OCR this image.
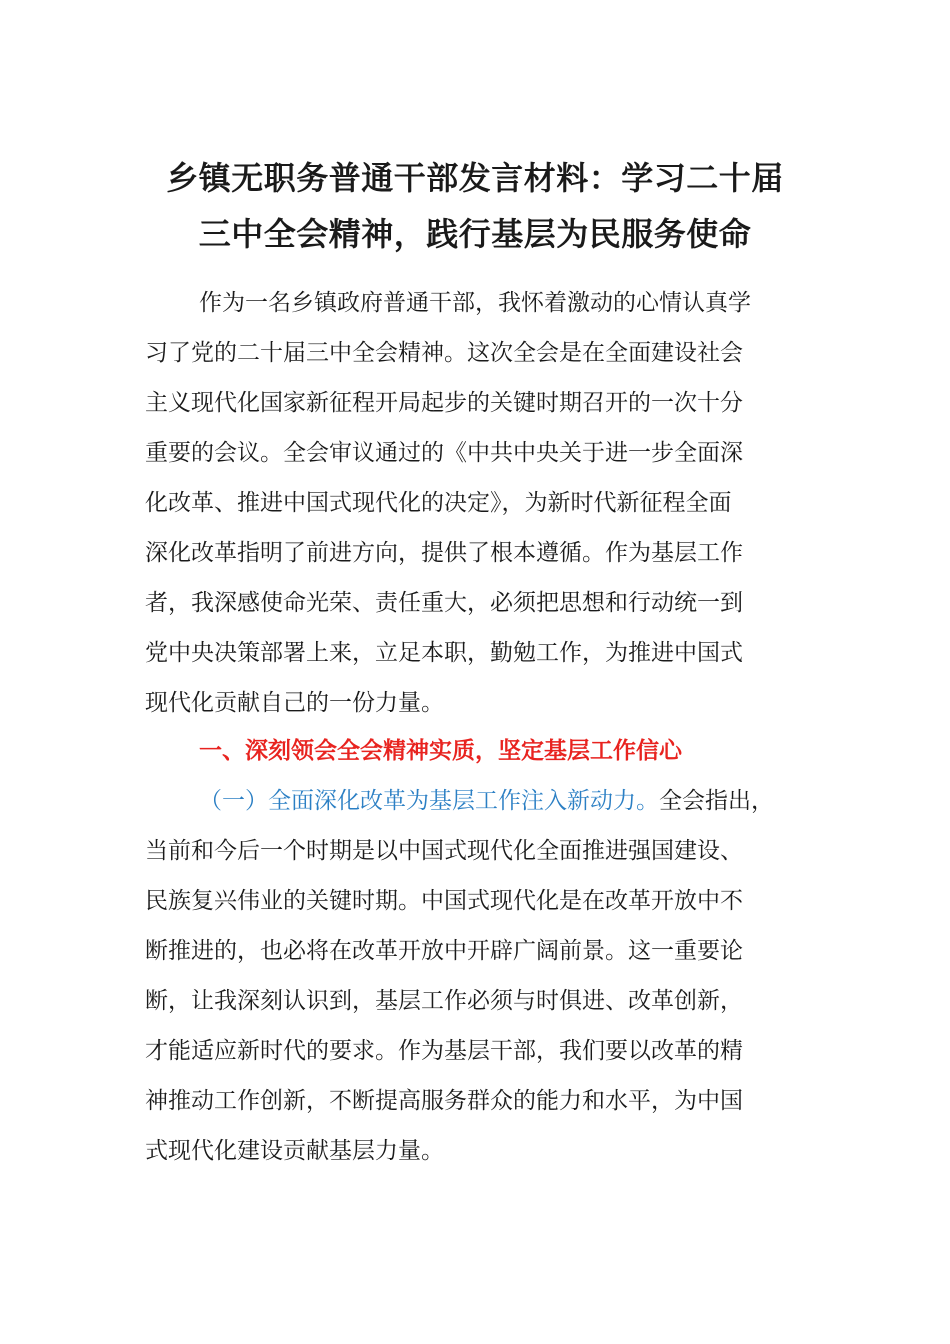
乡镇无职务普通干部发言材料：学习二十届
三中全会精神，践行基层为民服务使命
作为一名乡镇政府普通干部，我怀着激动的心情认真学
习了党的二十届三中全会精神。这次全会是在全面建设社会
主义现代化国家新征程开局起步的关键时期召开的一次十分
重要的会议。全会审议通过的《中共中央关于进一步全面深
化改革、推进中国式现代化的决定》，为新时代新征程全面
深化改革指明了前进方向，提供了根本遵循。作为基层工作
者，我深感使命光荣、责任重大，必须把思想和行动统一到
党中央决策部署上来，立足本职，勤勉工作，为推进中国式
现代化贡献自己的一份力量。
一、深刻领会全会精神实质，坚定基层工作信心
（一）全面深化改革为基层工作注入新动力。全会指出，
当前和今后一个时期是以中国式现代化全面推进强国建设、
民族复兴伟业的关键时期。中国式现代化是在改革开放中不
断推进的，也必将在改革开放中开辟广阔前景。这一重要论
断，让我深刻认识到，基层工作必须与时俱进、改革创新，
才能适应新时代的要求。作为基层干部，我们要以改革的精
神推动工作创新，不断提高服务群众的能力和水平，为中国
式现代化建设贡献基层力量。
